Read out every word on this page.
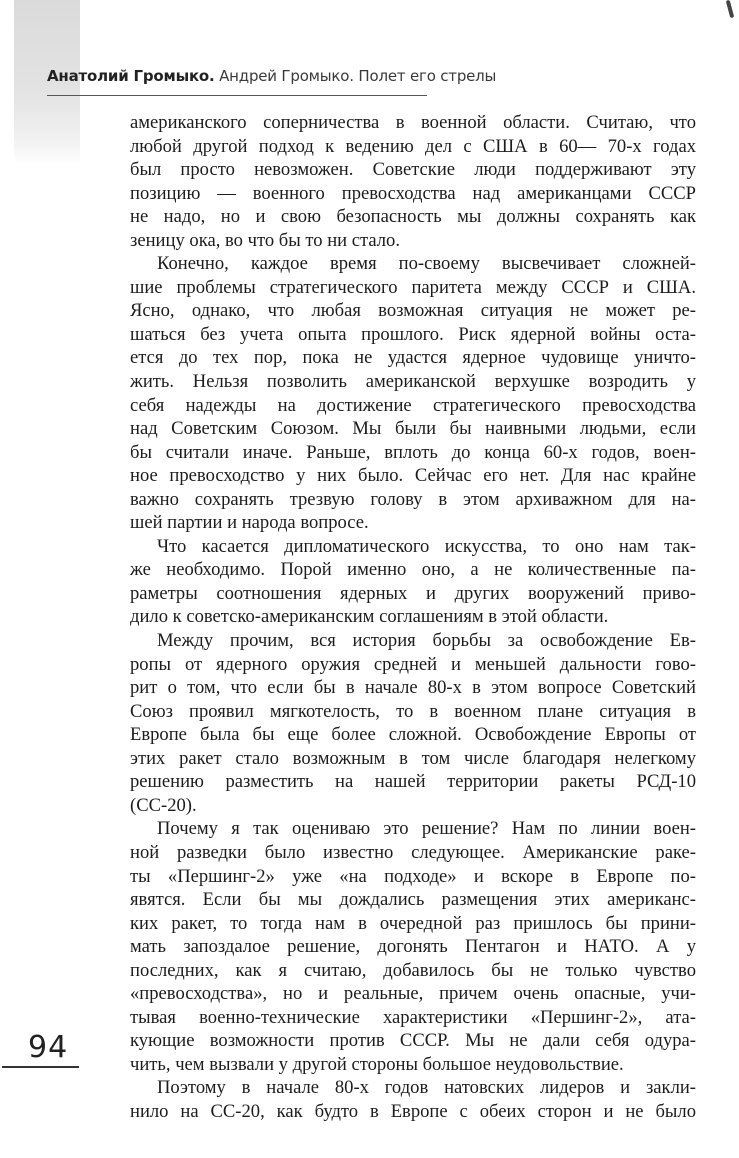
Анатолий Громыко. Андрей Громыко. Полет его стрелы
американского соперничества в военной области. Считаю, что
любой другой подход к ведению дел с США в 60— 70-х годах
был просто невозможен. Советские люди поддерживают эту
позицию — военного превосходства над американцами СССР
не надо, но и свою безопасность мы должны сохранять как
зеницу ока, во что бы то ни стало.
Конечно, каждое время по-своему высвечивает сложней-
шие проблемы стратегического паритета между СССР и США.
Ясно, однако, что любая возможная ситуация не может ре-
шаться без учета опыта прошлого. Риск ядерной войны оста-
ется до тех пор, пока не удастся ядерное чудовище уничто-
жить. Нельзя позволить американской верхушке возродить у
себя надежды на достижение стратегического превосходства
над Советским Союзом. Мы были бы наивными людьми, если
бы считали иначе. Раньше, вплоть до конца 60-х годов, воен-
ное превосходство у них было. Сейчас его нет. Для нас крайне
важно сохранять трезвую голову в этом архиважном для на-
шей партии и народа вопросе.
Что касается дипломатического искусства, то оно нам так-
же необходимо. Порой именно оно, а не количественные па-
раметры соотношения ядерных и других вооружений приво-
дило к советско-американским соглашениям в этой области.
Между прочим, вся история борьбы за освобождение Ев-
ропы от ядерного оружия средней и меньшей дальности гово-
рит о том, что если бы в начале 80-х в этом вопросе Советский
Союз проявил мягкотелость, то в военном плане ситуация в
Европе была бы еще более сложной. Освобождение Европы от
этих ракет стало возможным в том числе благодаря нелегкому
решению разместить на нашей территории ракеты РСД-10
(СС-20).
Почему я так оцениваю это решение? Нам по линии воен-
ной разведки было известно следующее. Американские раке-
ты «Першинг-2» уже «на подходе» и вскоре в Европе по-
явятся. Если бы мы дождались размещения этих американс-
ких ракет, то тогда нам в очередной раз пришлось бы прини-
мать запоздалое решение, догонять Пентагон и НАТО. А у
последних, как я считаю, добавилось бы не только чувство
«превосходства», но и реальные, причем очень опасные, учи-
тывая военно-технические характеристики «Першинг-2», ата-
кующие возможности против СССР. Мы не дали себя одура-
чить, чем вызвали у другой стороны большое неудовольствие.
Поэтому в начале 80-х годов натовских лидеров и закли-
нило на СС-20, как будто в Европе с обеих сторон и не было
94
